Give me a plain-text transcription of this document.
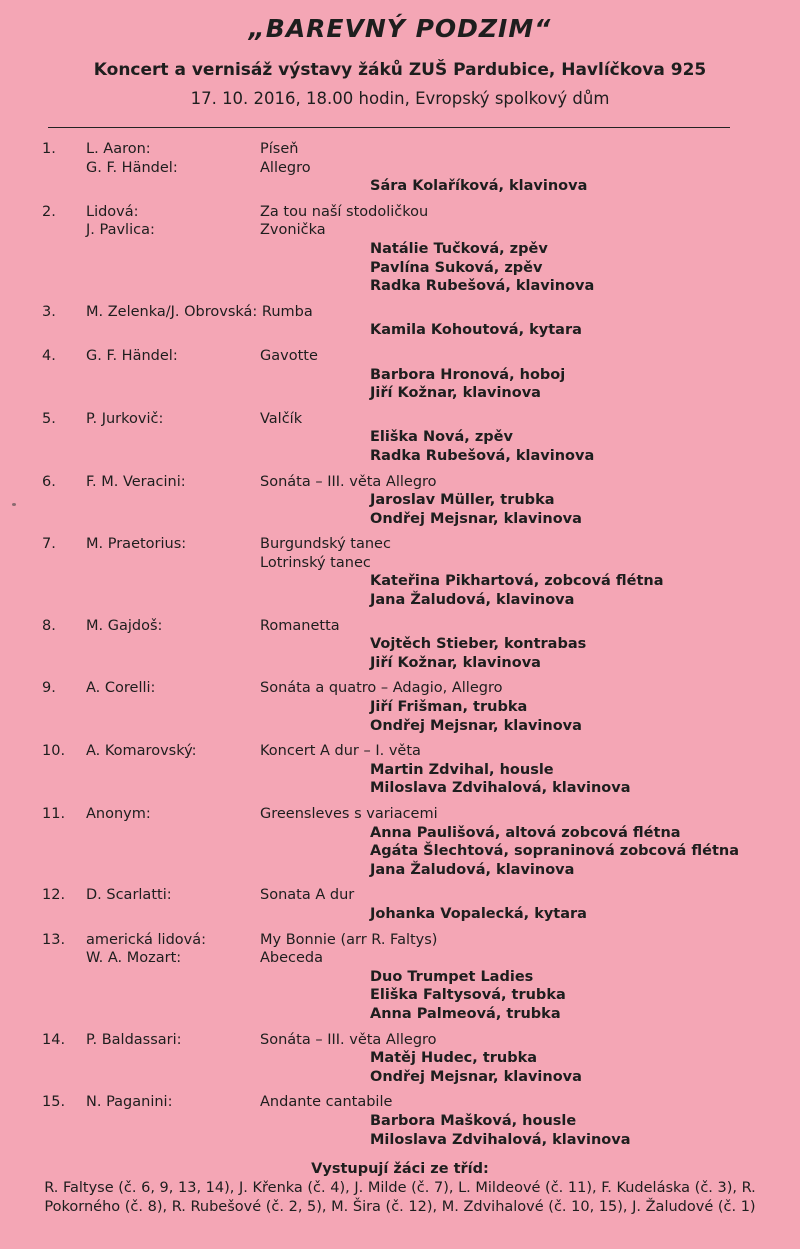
„BAREVNÝ PODZIM“

Koncert a vernisáž výstavy žáků ZUŠ Pardubice, Havlíčkova 925

17. 10. 2016, 18.00 hodin, Evropský spolkový dům

1. L. Aaron:	Píseň
G. F. Händel:	Allegro
Sára Kolaříková, klavinova
2. Lidová:	Za tou naší stodoličkou
J. Pavlica:	Zvonička
Natálie Tučková, zpěv
Pavlína Suková, zpěv
Radka Rubešová, klavinova
3. M. Zelenka/J. Obrovská: Rumba
Kamila Kohoutová, kytara
4. G. F. Händel:	Gavotte
Barbora Hronová, hoboj
Jiří Kožnar, klavinova
5. P. Jurkovič:	Valčík
Eliška Nová, zpěv
Radka Rubešová, klavinova
6. F. M. Veracini:	Sonáta – III. věta Allegro
Jaroslav Müller, trubka
Ondřej Mejsnar, klavinova
7. M. Praetorius:	Burgundský tanec
Lotrinský tanec
Kateřina Pikhartová, zobcová flétna
Jana Žaludová, klavinova
8. M. Gajdoš:	Romanetta
Vojtěch Stieber, kontrabas
Jiří Kožnar, klavinova
9. A. Corelli:	Sonáta a quatro – Adagio, Allegro
Jiří Frišman, trubka
Ondřej Mejsnar, klavinova
10. A. Komarovský:	Koncert A dur – I. věta
Martin Zdvihal, housle
Miloslava Zdvihalová, klavinova
11. Anonym:	Greensleves s variacemi
Anna Paulišová, altová zobcová flétna
Agáta Šlechtová, sopraninová zobcová flétna
Jana Žaludová, klavinova
12. D. Scarlatti:	Sonata A dur
Johanka Vopalecká, kytara
13. americká lidová:	My Bonnie (arr R. Faltys)
W. A. Mozart:	Abeceda
Duo Trumpet Ladies
Eliška Faltysová, trubka
Anna Palmeová, trubka
14. P. Baldassari:	Sonáta – III. věta Allegro
Matěj Hudec, trubka
Ondřej Mejsnar, klavinova
15. N. Paganini:	Andante cantabile
Barbora Mašková, housle
Miloslava Zdvihalová, klavinova

Vystupují žáci ze tříd:

R. Faltyse (č. 6, 9, 13, 14), J. Křenka (č. 4), J. Milde (č. 7), L. Mildeové (č. 11), F. Kudeláska (č. 3), R. Pokorného (č. 8), R. Rubešové (č. 2, 5), M. Šira (č. 12), M. Zdvihalové (č. 10, 15), J. Žaludové (č. 1)
